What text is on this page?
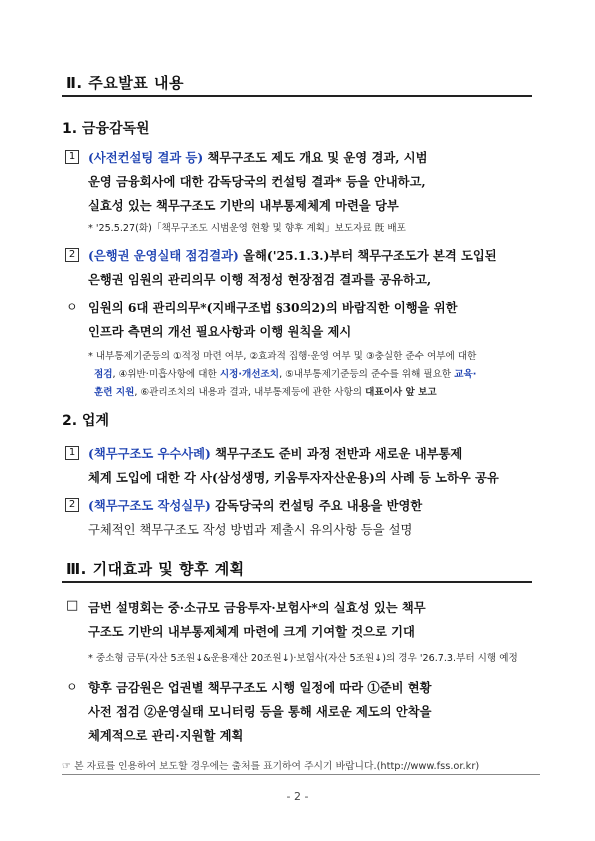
Ⅱ. 주요발표 내용
1. 금융감독원
1	(사전컨설팅 결과 등) 책무구조도 제도 개요 및 운영 경과, 시범
운영 금융회사에 대한 감독당국의 컨설팅 결과* 등을 안내하고,
실효성 있는 책무구조도 기반의 내부통제체계 마련을 당부
* '25.5.27(화)「책무구조도 시범운영 현황 및 향후 계획」보도자료 旣 배포
2	(은행권 운영실태 점검결과) 올해('25.1.3.)부터 책무구조도가 본격 도입된
은행권 임원의 관리의무 이행 적정성 현장점검 결과를 공유하고,
ㅇ 임원의 6대 관리의무*(지배구조법 §30의2)의 바람직한 이행을 위한
인프라 측면의 개선 필요사항과 이행 원칙을 제시
* 내부통제기준등의 ①적정 마련 여부, ②효과적 집행·운영 여부 및 ③충실한 준수 여부에 대한
점검, ④위반·미흡사항에 대한 시정·개선조치, ⑤내부통제기준등의 준수를 위해 필요한 교육·
훈련 지원, ⑥관리조치의 내용과 결과, 내부통제등에 관한 사항의 대표이사 앞 보고
2. 업계
1	(책무구조도 우수사례) 책무구조도 준비 과정 전반과 새로운 내부통제
체계 도입에 대한 각 사(삼성생명, 키움투자자산운용)의 사례 등 노하우 공유
2	(책무구조도 작성실무) 감독당국의 컨설팅 주요 내용을 반영한
구체적인 책무구조도 작성 방법과 제출시 유의사항 등을 설명
Ⅲ. 기대효과 및 향후 계획
□ 금번 설명회는 중·소규모 금융투자·보험사*의 실효성 있는 책무
구조도 기반의 내부통제체계 마련에 크게 기여할 것으로 기대
* 중소형 금투(자산 5조원↓&운용재산 20조원↓)·보험사(자산 5조원↓)의 경우 '26.7.3.부터 시행 예정
ㅇ 향후 금감원은 업권별 책무구조도 시행 일정에 따라 ①준비 현황
사전 점검 ②운영실태 모니터링 등을 통해 새로운 제도의 안착을
체계적으로 관리·지원할 계획
☞ 본 자료를 인용하여 보도할 경우에는 출처를 표기하여 주시기 바랍니다.(http://www.fss.or.kr)
- 2 -
